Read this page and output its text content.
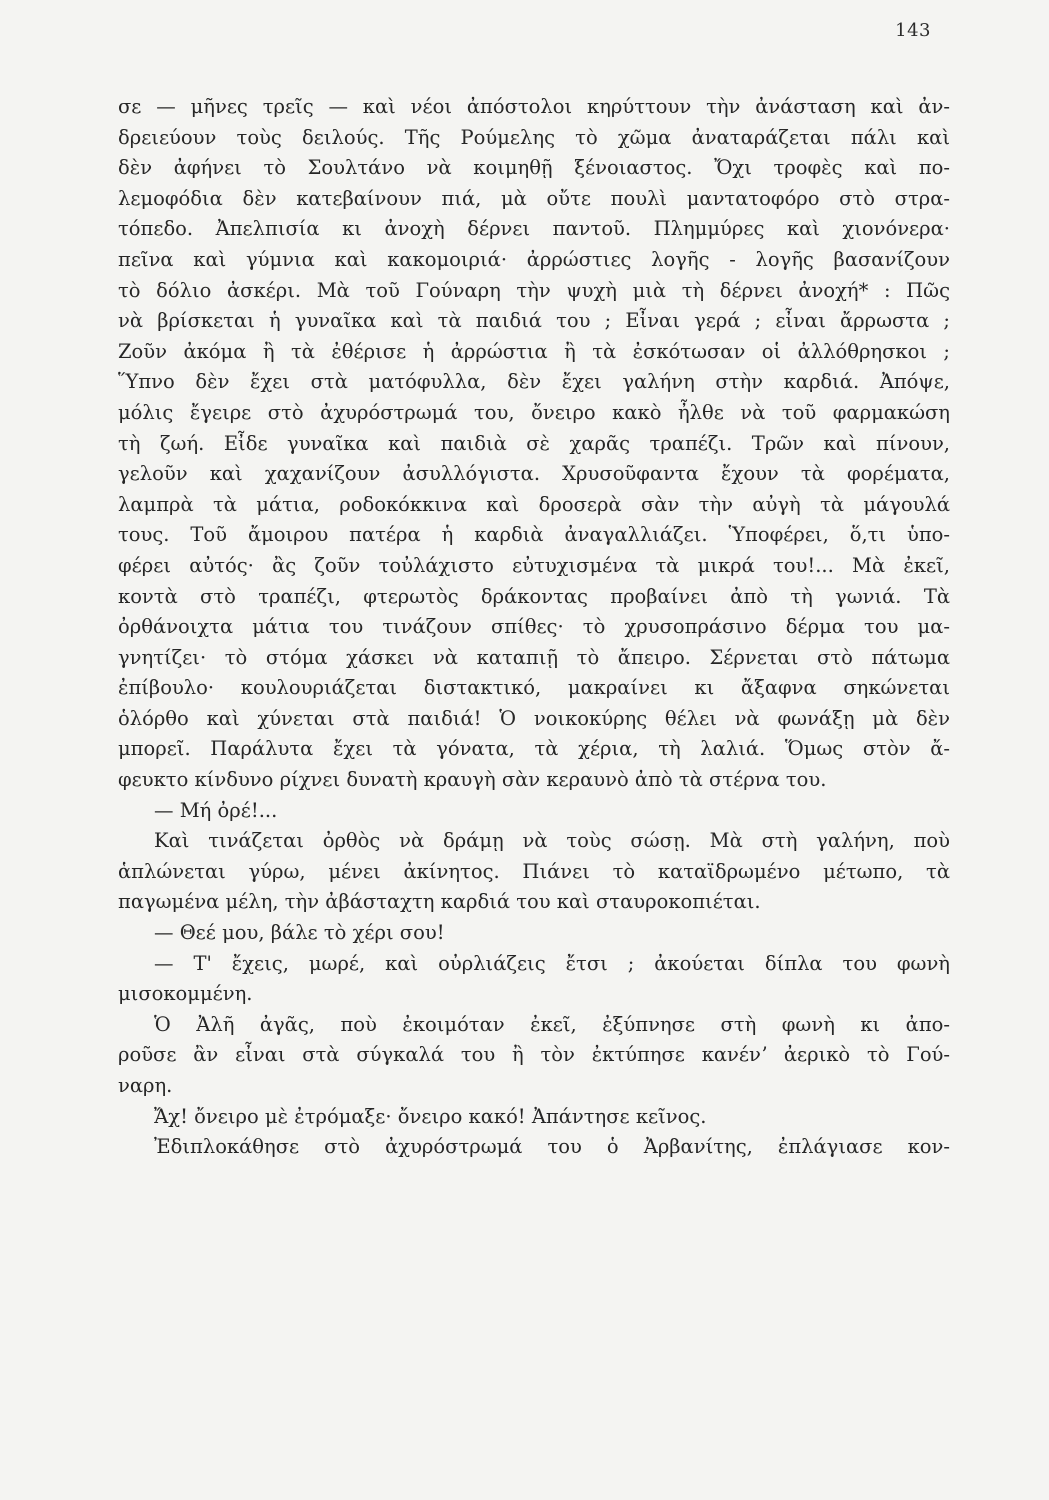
143
σε — μῆνες τρεῖς — καὶ νέοι ἀπόστολοι κηρύττουν τὴν ἀνάσταση καὶ ἀν-
δρειεύουν τοὺς δειλούς. Τῆς Ρούμελης τὸ χῶμα ἀναταράζεται πάλι καὶ
δὲν ἀφήνει τὸ Σουλτάνο νὰ κοιμηθῇ ξένοιαστος. Ὄχι τροφὲς καὶ πο-
λεμοφόδια δὲν κατεβαίνουν πιά, μὰ οὔτε πουλὶ μαντατοφόρο στὸ στρα-
τόπεδο. Ἀπελπισία κι ἀνοχὴ δέρνει παντοῦ. Πλημμύρες καὶ χιονόνερα·
πεῖνα καὶ γύμνια καὶ κακομοιριά· ἀρρώστιες λογῆς - λογῆς βασανίζουν
τὸ δόλιο ἀσκέρι. Μὰ τοῦ Γούναρη τὴν ψυχὴ μιὰ τὴ δέρνει ἀνοχή* : Πῶς
νὰ βρίσκεται ἡ γυναῖκα καὶ τὰ παιδιά του ; Εἶναι γερά ; εἶναι ἄρρωστα ;
Ζοῦν ἀκόμα ἢ τὰ ἐθέρισε ἡ ἀρρώστια ἢ τὰ ἐσκότωσαν οἱ ἀλλόθρησκοι ;
Ὕπνο δὲν ἔχει στὰ ματόφυλλα, δὲν ἔχει γαλήνη στὴν καρδιά. Ἀπόψε,
μόλις ἔγειρε στὸ ἀχυρόστρωμά του, ὄνειρο κακὸ ἦλθε νὰ τοῦ φαρμακώση
τὴ ζωή. Εἶδε γυναῖκα καὶ παιδιὰ σὲ χαρᾶς τραπέζι. Τρῶν καὶ πίνουν,
γελοῦν καὶ χαχανίζουν ἀσυλλόγιστα. Χρυσοῦφαντα ἔχουν τὰ φορέματα,
λαμπρὰ τὰ μάτια, ροδοκόκκινα καὶ δροσερὰ σὰν τὴν αὐγὴ τὰ μάγουλά
τους. Τοῦ ἄμοιρου πατέρα ἡ καρδιὰ ἀναγαλλιάζει. Ὑποφέρει, ὅ,τι ὑπο-
φέρει αὐτός· ἂς ζοῦν τοὐλάχιστο εὐτυχισμένα τὰ μικρά του!... Μὰ ἐκεῖ,
κοντὰ στὸ τραπέζι, φτερωτὸς δράκοντας προβαίνει ἀπὸ τὴ γωνιά. Τὰ
ὀρθάνοιχτα μάτια του τινάζουν σπίθες· τὸ χρυσοπράσινο δέρμα του μα-
γνητίζει· τὸ στόμα χάσκει νὰ καταπιῇ τὸ ἄπειρο. Σέρνεται στὸ πάτωμα
ἐπίβουλο· κουλουριάζεται διστακτικό, μακραίνει κι ἄξαφνα σηκώνεται
ὁλόρθο καὶ χύνεται στὰ παιδιά! Ὁ νοικοκύρης θέλει νὰ φωνάξῃ μὰ δὲν
μπορεῖ. Παράλυτα ἔχει τὰ γόνατα, τὰ χέρια, τὴ λαλιά. Ὅμως στὸν ἄ-
φευκτο κίνδυνο ρίχνει δυνατὴ κραυγὴ σὰν κεραυνὸ ἀπὸ τὰ στέρνα του.
— Μή ὀρέ!...
Καὶ τινάζεται ὀρθὸς νὰ δράμῃ νὰ τοὺς σώσῃ. Μὰ στὴ γαλήνη, ποὺ
ἁπλώνεται γύρω, μένει ἀκίνητος. Πιάνει τὸ καταϊδρωμένο μέτωπο, τὰ
παγωμένα μέλη, τὴν ἀβάσταχτη καρδιά του καὶ σταυροκοπιέται.
— Θεέ μου, βάλε τὸ χέρι σου!
— Τ' ἔχεις, μωρέ, καὶ οὐρλιάζεις ἔτσι ; ἀκούεται δίπλα του φωνὴ
μισοκομμένη.
Ὁ Ἀλῆ ἀγᾶς, ποὺ ἐκοιμόταν ἐκεῖ, ἐξύπνησε στὴ φωνὴ κι ἀπο-
ροῦσε ἂν εἶναι στὰ σύγκαλά του ἢ τὸν ἐκτύπησε κανένʼ ἀερικὸ τὸ Γού-
ναρη.
Ἄχ! ὄνειρο μὲ ἐτρόμαξε· ὄνειρο κακό! Ἀπάντησε κεῖνος.
Ἐδιπλοκάθησε στὸ ἀχυρόστρωμά του ὁ Ἀρβανίτης, ἐπλάγιασε κον-
